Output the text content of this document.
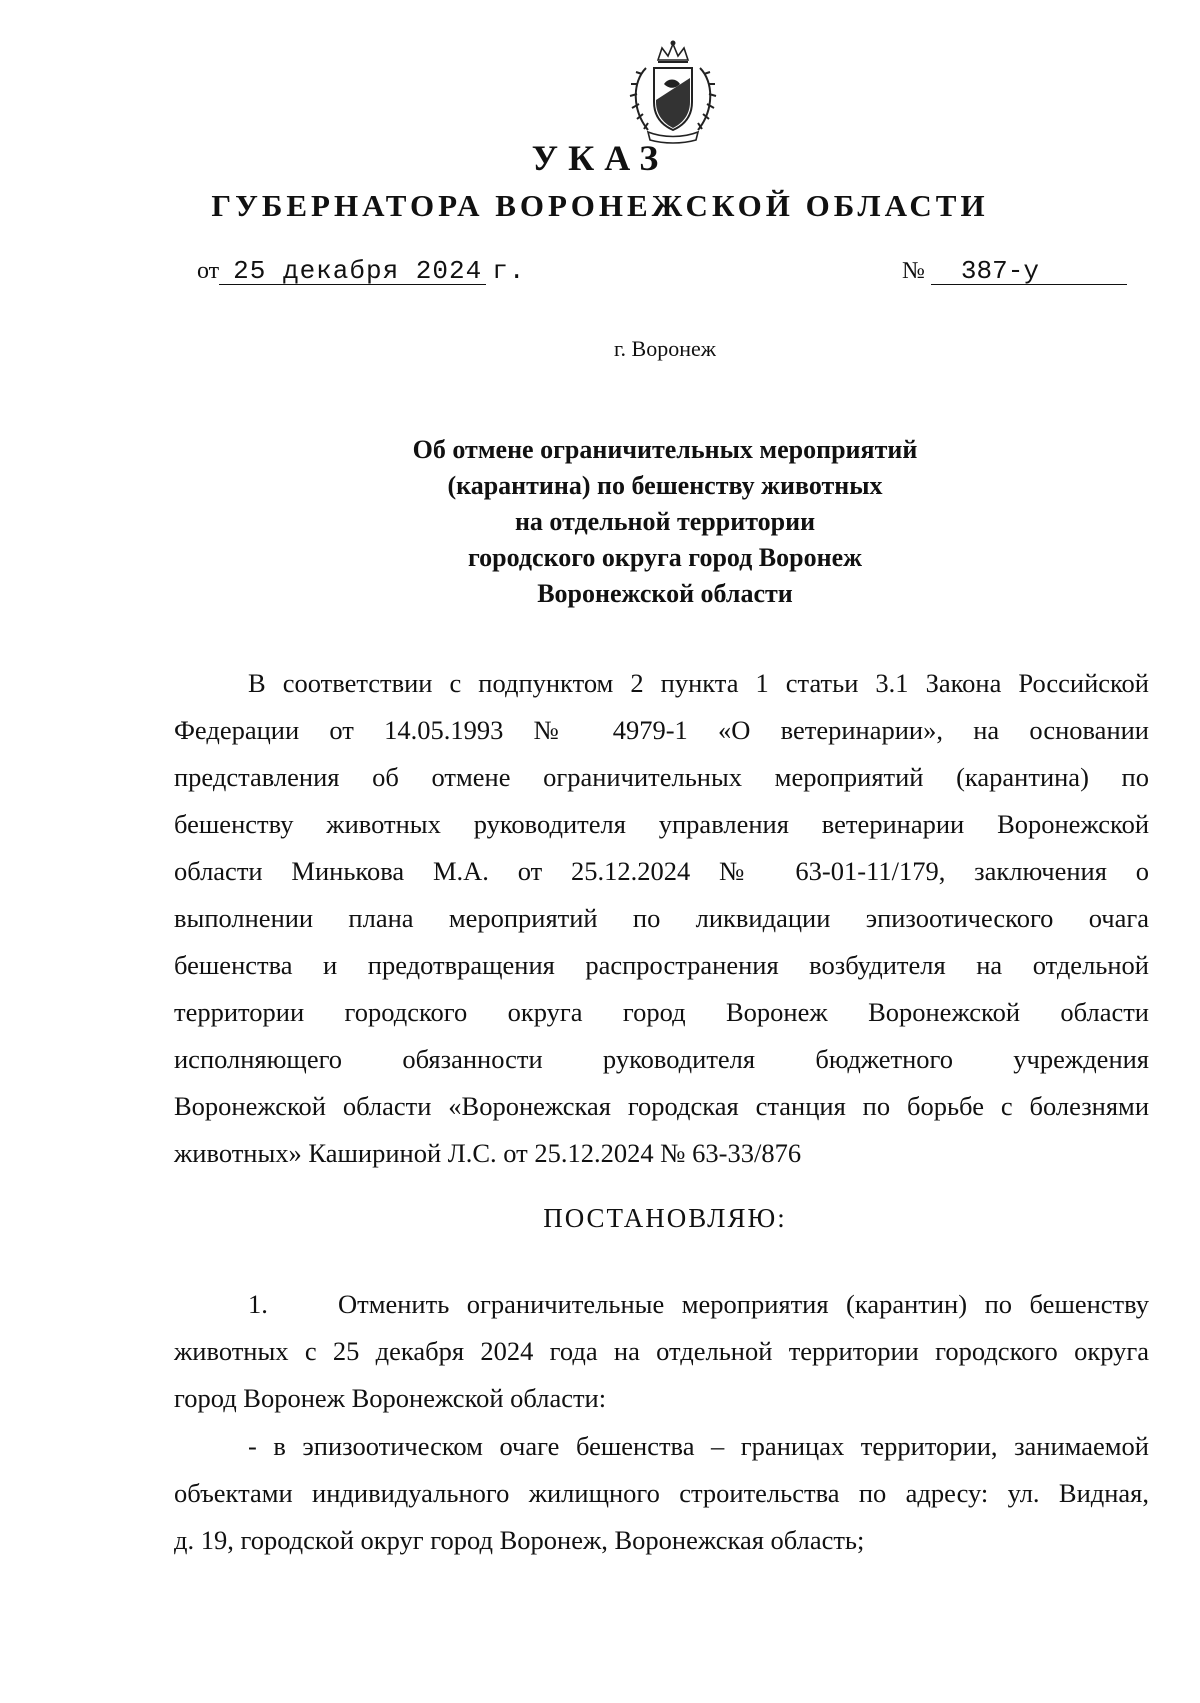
УКАЗ
ГУБЕРНАТОРА ВОРОНЕЖСКОЙ ОБЛАСТИ
от 25 декабря 2024 г.	№ 387-у
г. Воронеж
Об отмене ограничительных мероприятий
(карантина) по бешенству животных
на отдельной территории
городского округа город Воронеж
Воронежской области
В соответствии с подпунктом 2 пункта 1 статьи 3.1 Закона Российской
Федерации от 14.05.1993 № 4979-1 «О ветеринарии», на основании
представления об отмене ограничительных мероприятий (карантина) по
бешенству животных руководителя управления ветеринарии Воронежской
области Минькова М.А. от 25.12.2024 № 63-01-11/179, заключения о
выполнении плана мероприятий по ликвидации эпизоотического очага
бешенства и предотвращения распространения возбудителя на отдельной
территории городского округа город Воронеж Воронежской области
исполняющего обязанности руководителя бюджетного учреждения
Воронежской области «Воронежская городская станция по борьбе с болезнями
животных» Кашириной Л.С. от 25.12.2024 № 63-33/876
ПОСТАНОВЛЯЮ:
1.	Отменить ограничительные мероприятия (карантин) по бешенству
животных с 25 декабря 2024 года на отдельной территории городского округа
город Воронеж Воронежской области:
- в эпизоотическом очаге бешенства – границах территории, занимаемой
объектами индивидуального жилищного строительства по адресу: ул. Видная,
д. 19, городской округ город Воронеж, Воронежская область;
